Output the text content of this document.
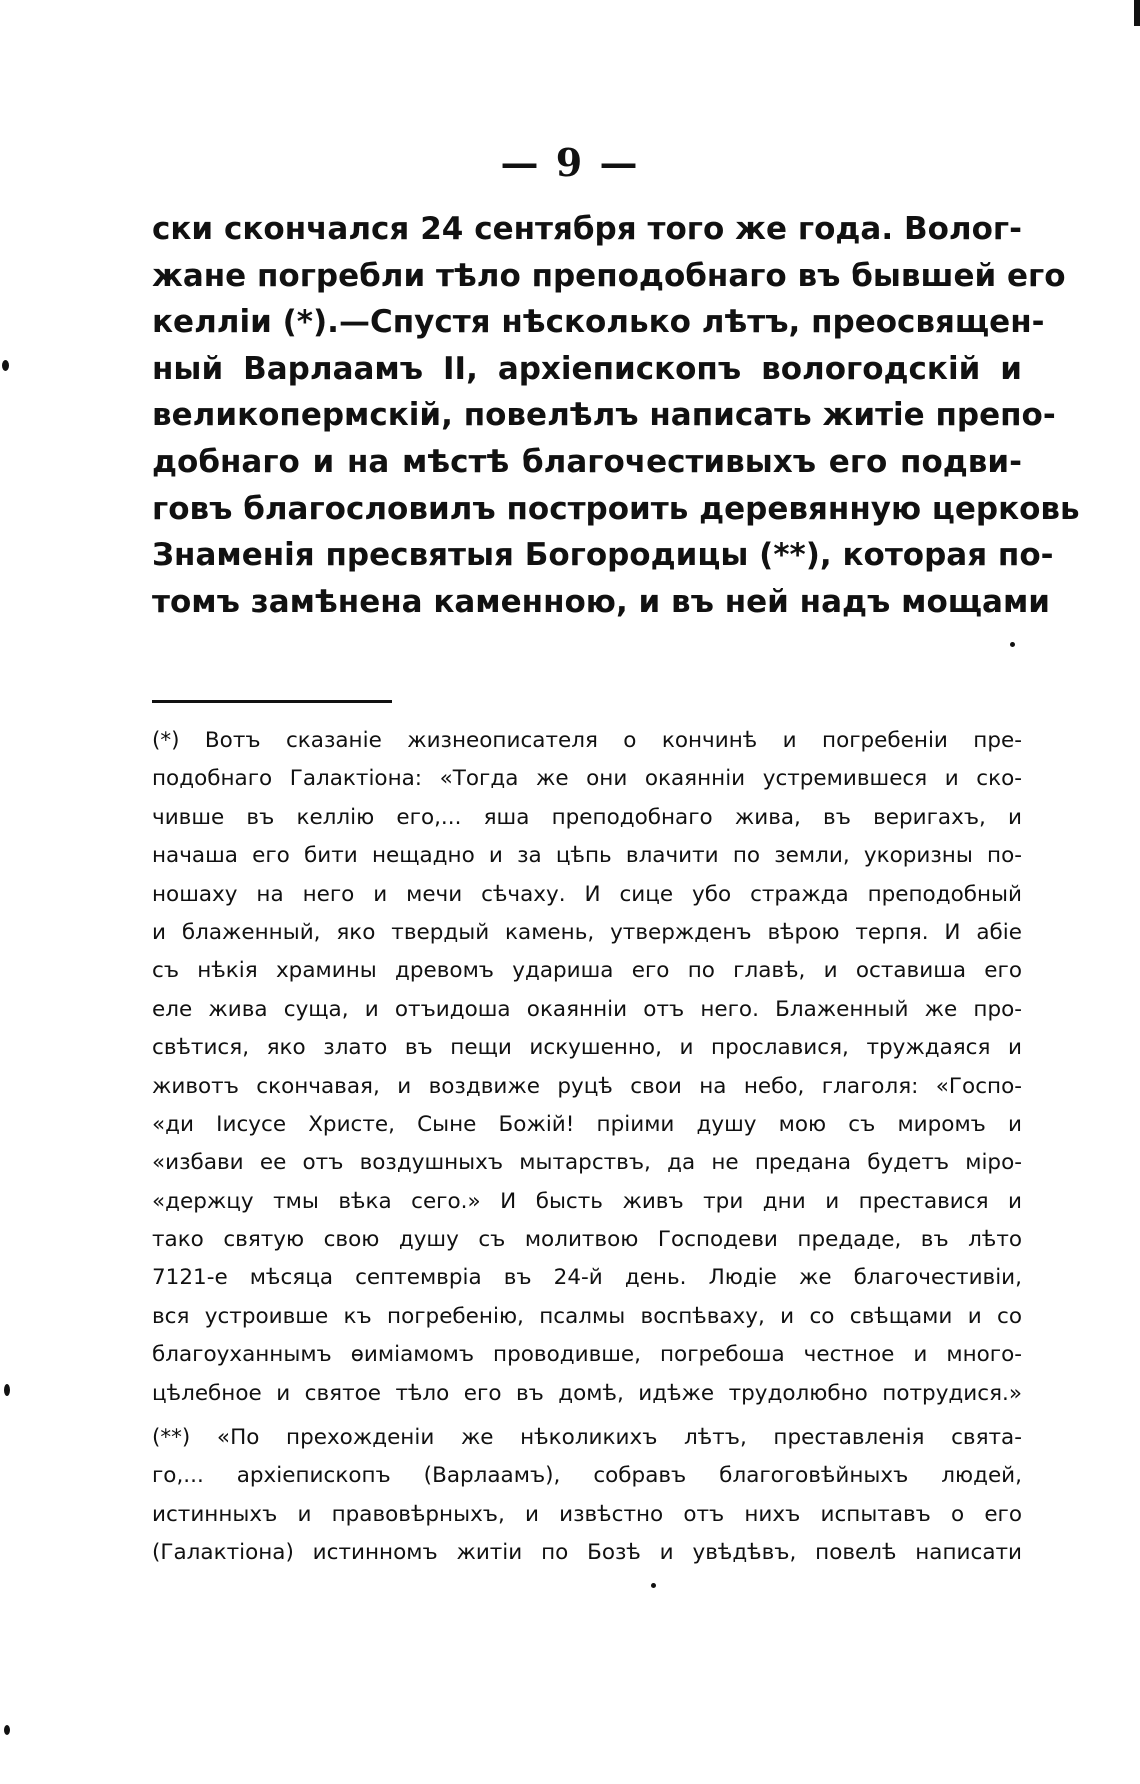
— 9 —
ски скончался 24 сентября того же года. Волог-
жане погребли тѣло преподобнаго въ бывшей его
келліи (*).—Спустя нѣсколько лѣтъ, преосвящен-
ный Варлаамъ II, архіепископъ вологодскій и
великопермскій, повелѣлъ написать житіе препо-
добнаго и на мѣстѣ благочестивыхъ его подви-
говъ благословилъ построить деревянную церковь
Знаменія пресвятыя Богородицы (**), которая по-
томъ замѣнена каменною, и въ ней надъ мощами
(*) Вотъ сказаніе жизнеописателя о кончинѣ и погребеніи пре-
подобнаго Галактіона: «Тогда же они окаянніи устремившеся и ско-
чивше въ келлію его,... яша преподобнаго жива, въ веригахъ, и
начаша его бити нещадно и за цѣпь влачити по земли, укоризны по-
ношаху на него и мечи сѣчаху. И сице убо стражда преподобный
и блаженный, яко твердый камень, утвержденъ вѣрою терпя. И абіе
съ нѣкія храмины древомъ удариша его по главѣ, и оставиша его
еле жива суща, и отъидоша окаянніи отъ него. Блаженный же про-
свѣтися, яко злато въ пещи искушенно, и прославися, труждаяся и
животъ скончавая, и воздвиже руцѣ свои на небо, глаголя: «Госпо-
«ди Іисусе Христе, Сыне Божій! пріими душу мою съ миромъ и
«избави ее отъ воздушныхъ мытарствъ, да не предана будетъ міро-
«держцу тмы вѣка сего.» И бысть живъ три дни и преставися и
тако святую свою душу съ молитвою Господеви предаде, въ лѣто
7121-е мѣсяца септемвріа въ 24-й день. Людіе же благочестивіи,
вся устроивше къ погребенію, псалмы воспѣваху, и со свѣщами и со
благоуханнымъ ѳиміамомъ проводивше, погребоша честное и много-
цѣлебное и святое тѣло его въ домѣ, идѣже трудолюбно потрудися.»
(**) «По прехожденіи же нѣколикихъ лѣтъ, преставленія свята-
го,... архіепископъ (Варлаамъ), собравъ благоговѣйныхъ людей,
истинныхъ и правовѣрныхъ, и извѣстно отъ нихъ испытавъ о его
(Галактіона) истинномъ житіи по Бозѣ и увѣдѣвъ, повелѣ написати
